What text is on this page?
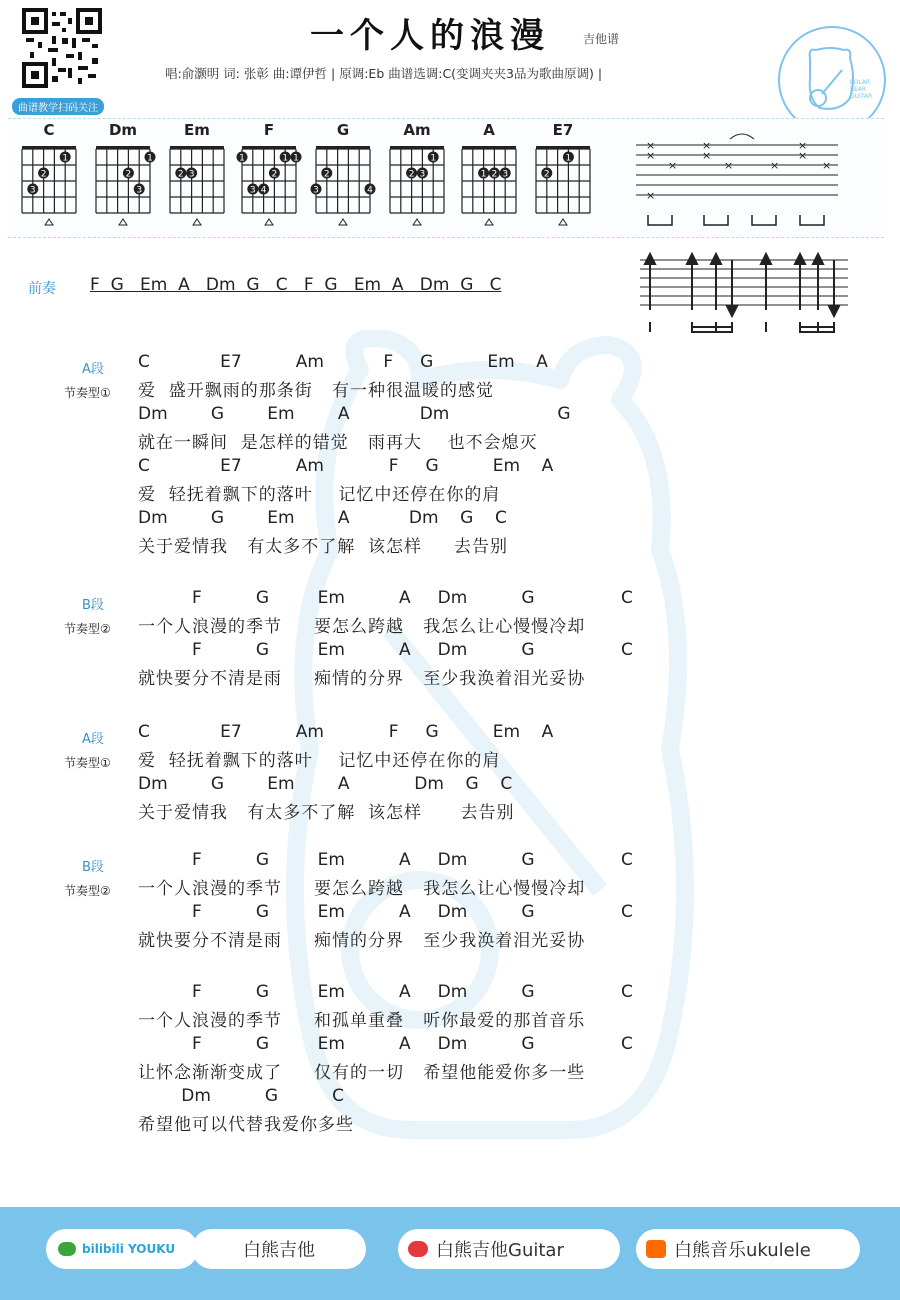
曲谱教学扫码关注
一个人的浪漫	吉他谱
唱:俞灏明 词: 张彰 曲:谭伊哲 | 原调:Eb 曲谱选调:C(变调夹夹3品为歌曲原调) |
POLAR
BEAR
GUITAR
C
1
2
3
Dm
1
2
3
Em
2 3
F
1
3 4
1 1
2
G
3
2
4
Am
1
2 3
A
1 2 3
E7
1
2
×
×
×
×
×
×	×
×
×
×
×
前奏 F  G   Em  A   Dm  G   C   F  G   Em  A   Dm  G   C
A段
节奏型①
C             E7          Am           F     G          Em    A
爱  盛开飘雨的那条街   有一种很温暖的感觉
Dm        G        Em        A             Dm                    G
就在一瞬间  是怎样的错觉   雨再大    也不会熄灭
C             E7          Am            F     G          Em    A
爱  轻抚着飘下的落叶    记忆中还停在你的肩
Dm        G        Em        A           Dm    G    C
关于爱情我   有太多不了解  该怎样     去告别
B段
节奏型②
F          G         Em          A     Dm          G                C
一个人浪漫的季节     要怎么跨越   我怎么让心慢慢冷却
F          G         Em          A     Dm          G                C
就快要分不清是雨     痴情的分界   至少我涣着泪光妥协
A段
节奏型①
C             E7          Am            F     G          Em    A
爱  轻抚着飘下的落叶    记忆中还停在你的肩
Dm        G        Em        A            Dm    G    C
关于爱情我   有太多不了解  该怎样      去告别
B段
节奏型②
F          G         Em          A     Dm          G                C
一个人浪漫的季节     要怎么跨越   我怎么让心慢慢冷却
F          G         Em          A     Dm          G                C
就快要分不清是雨     痴情的分界   至少我涣着泪光妥协
F          G         Em          A     Dm          G                C
一个人浪漫的季节     和孤单重叠   听你最爱的那首音乐
F          G         Em          A     Dm          G                C
让怀念渐渐变成了     仅有的一切   希望他能爱你多一些
Dm          G          C
希望他可以代替我爱你多些
bilibili YOUKU	白熊吉他	白熊吉他Guitar	白熊音乐ukulele
